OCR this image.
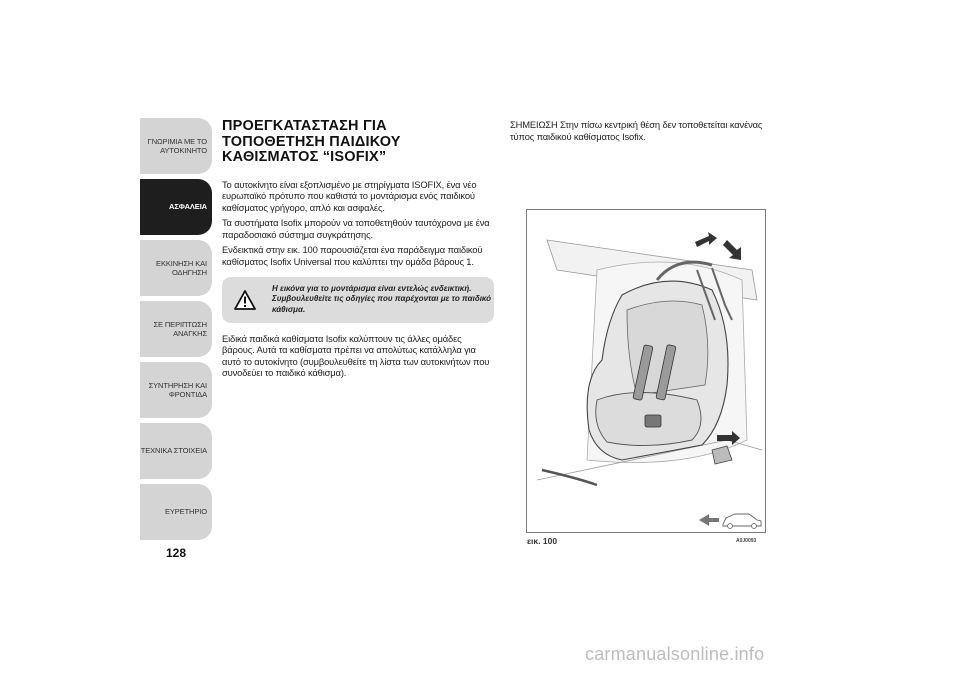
ΓΝΩΡΙΜΙΑ ΜΕ ΤΟ ΑΥΤΟΚΙΝΗΤΟ
ΑΣΦΑΛΕΙΑ
ΕΚΚΙΝΗΣΗ ΚΑΙ ΟΔΗΓΗΣΗ
ΣΕ ΠΕΡΙΠΤΩΣΗ ΑΝΑΓΚΗΣ
ΣΥΝΤΗΡΗΣΗ ΚΑΙ ΦΡΟΝΤΙΔΑ
ΤΕΧΝΙΚΑ ΣΤΟΙΧΕΙΑ
ΕΥΡΕΤΗΡΙΟ
128
ΠΡΟΕΓΚΑΤΑΣΤΑΣΗ ΓΙΑ ΤΟΠΟΘΕΤΗΣΗ ΠΑΙΔΙΚΟΥ ΚΑΘΙΣΜΑΤΟΣ “ISOFIX”

Το αυτοκίνητο είναι εξοπλισμένο με στηρίγματα ISOFIX, ένα νέο ευρωπαϊκό πρότυπο που καθιστά το μοντάρισμα ενός παιδικού καθίσματος γρήγορο, απλό και ασφαλές.

Τα συστήματα Isofix μπορούν να τοποθετηθούν ταυτόχρονα με ένα παραδοσιακό σύστημα συγκράτησης.

Ενδεικτικά στην εικ. 100 παρουσιάζεται ένα παράδειγμα παιδικού καθίσματος Isofix Universal που καλύπτει την ομάδα βάρους 1.

Η εικόνα για το μοντάρισμα είναι εντελώς ενδεικτική. Συμβουλευθείτε τις οδηγίες που παρέχονται με το παιδικό κάθισμα.

Ειδικά παιδικά καθίσματα Isofix καλύπτουν τις άλλες ομάδες βάρους. Αυτά τα καθίσματα πρέπει να απολύτως κατάλληλα για αυτό το αυτοκίνητο (συμβουλευθείτε τη λίστα των αυτοκινήτων που συνοδεύει το παιδικό κάθισμα).

ΣΗΜΕΙΩΣΗ Στην πίσω κεντρική θέση δεν τοποθετείται κανένας τύπος παιδικού καθίσματος Isofix.

εικ. 100	A0J0093
carmanualsonline.info
